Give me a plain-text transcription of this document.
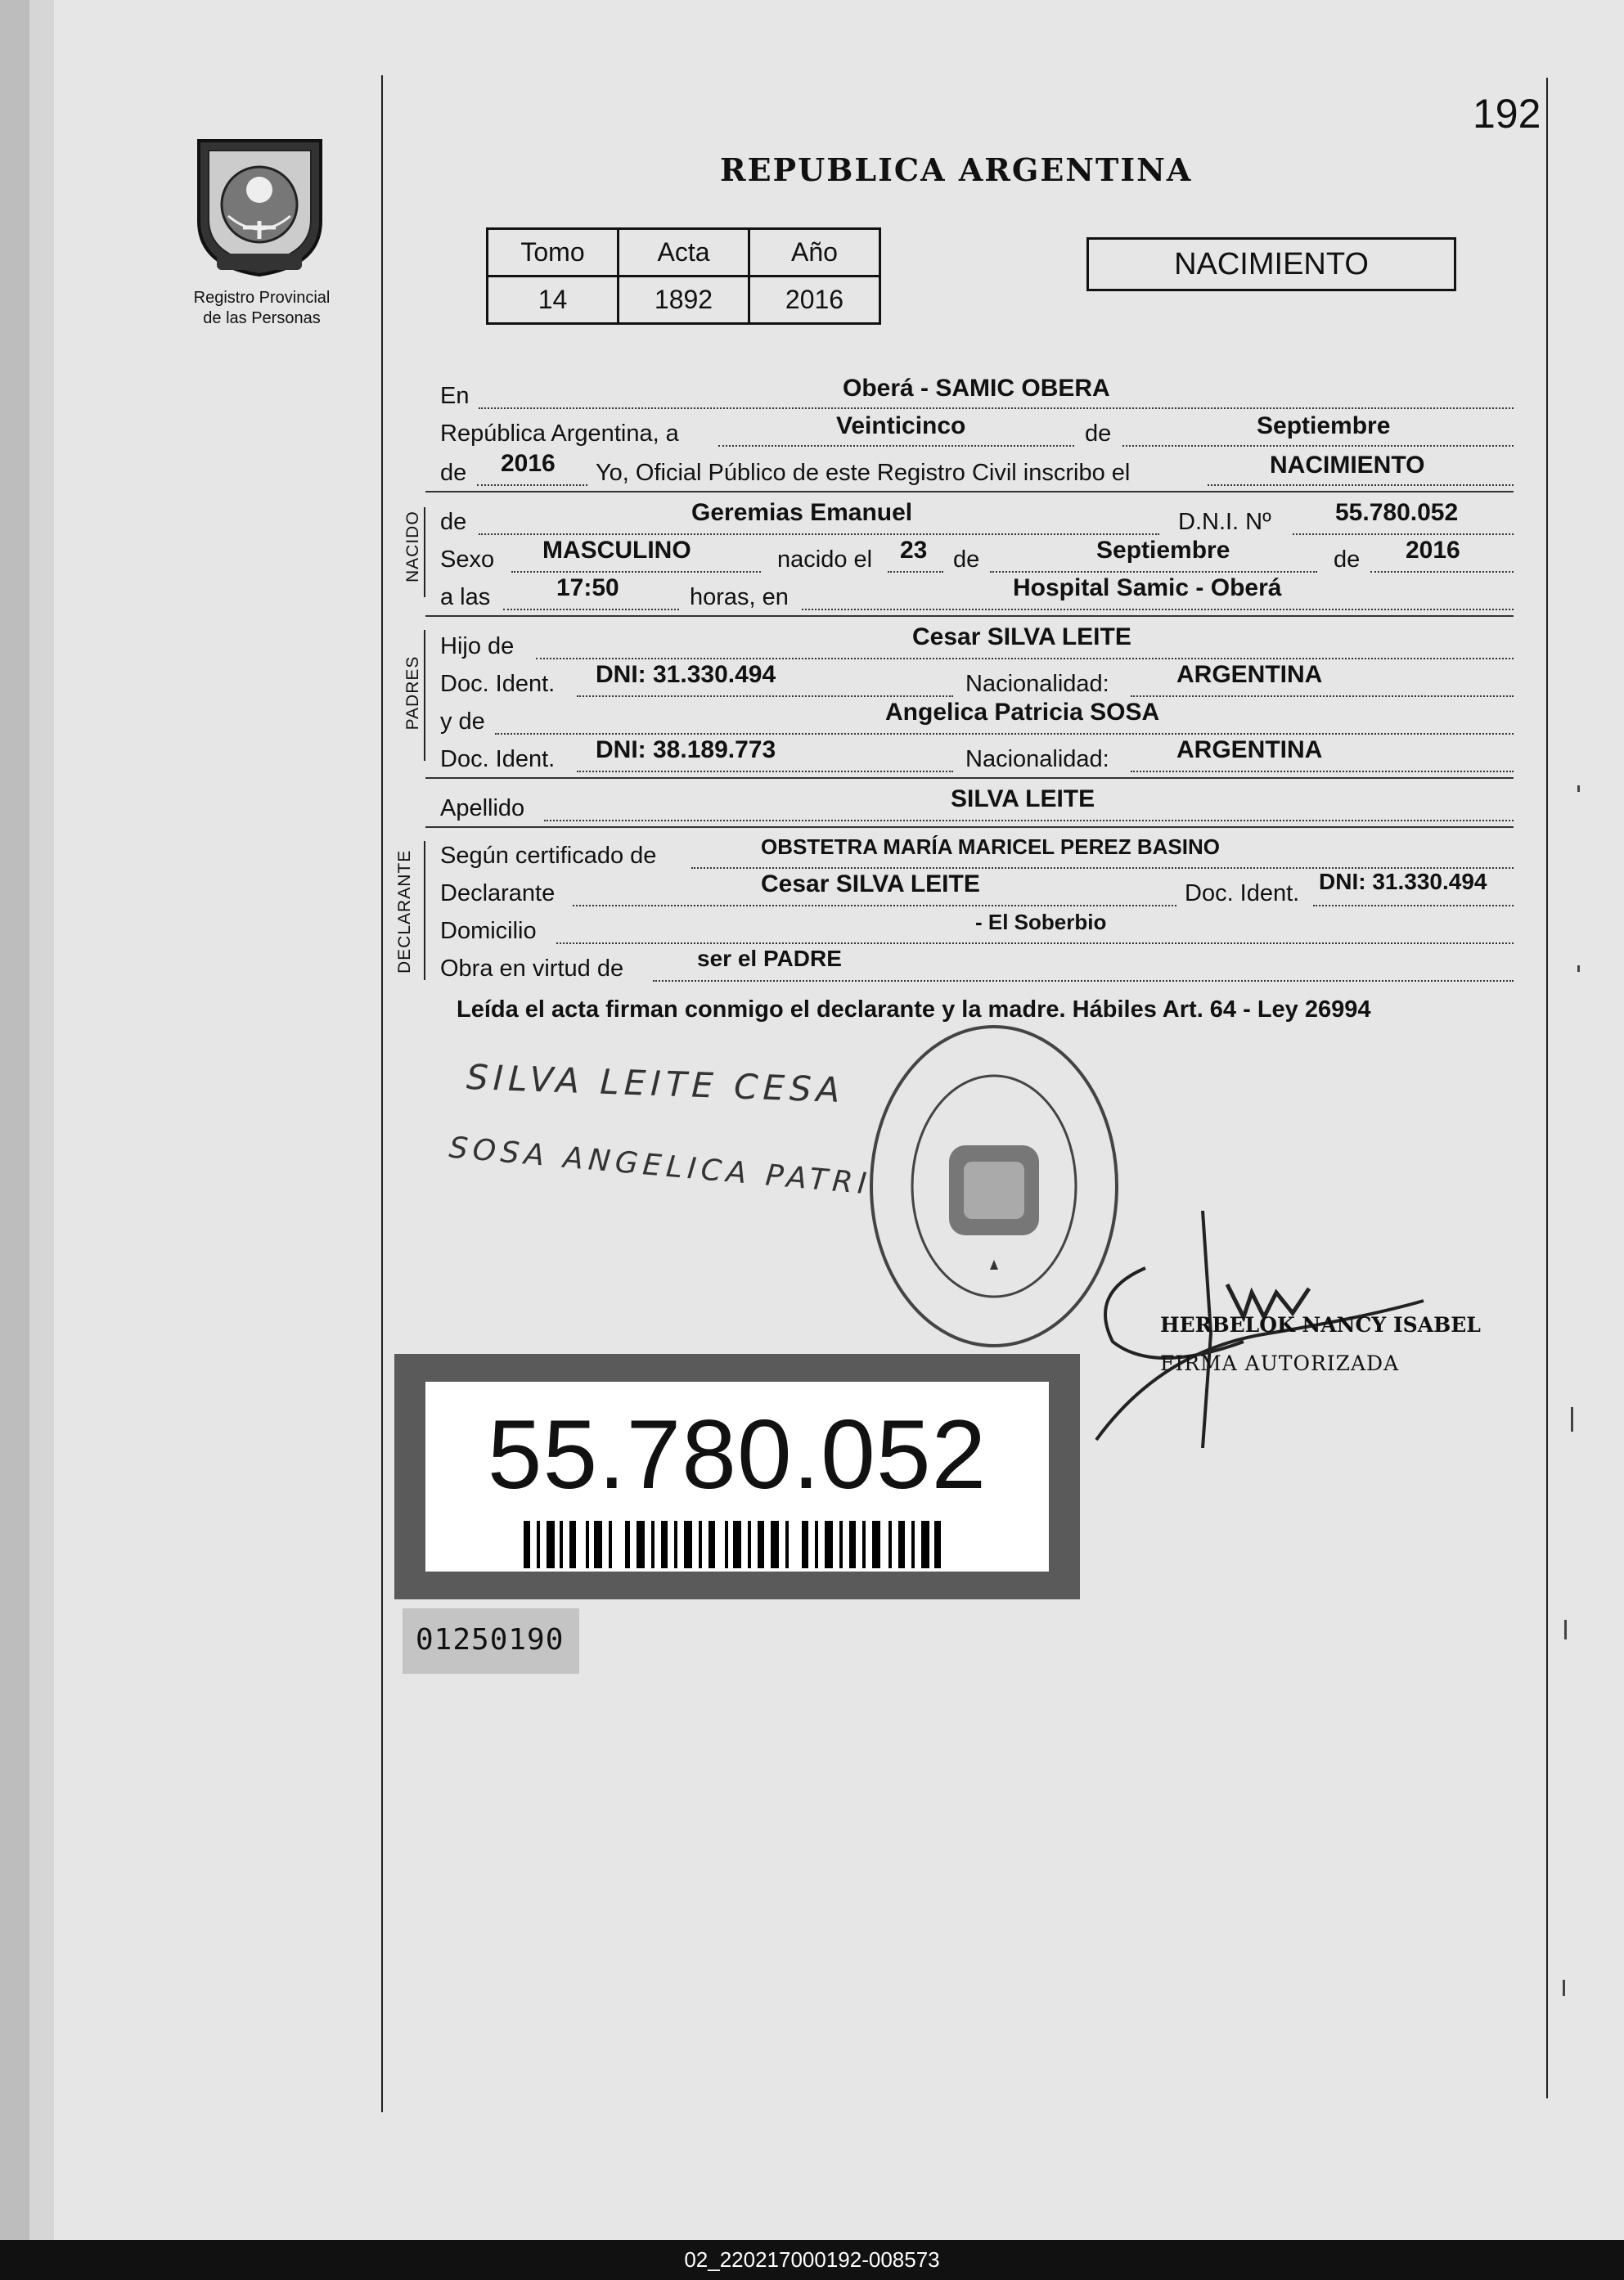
192
Registro Provincial
de las Personas
REPUBLICA ARGENTINA
Tomo	Acta	Año
14	1892	2016
NACIMIENTO
En	Oberá - SAMIC OBERA
República Argentina, a	Veinticinco	de	Septiembre
de 2016 Yo, Oficial Público de este Registro Civil inscribo el	NACIMIENTO
NACIDO de	Geremias Emanuel	D.N.I. Nº	55.780.052
Sexo MASCULINO	nacido el 23 de	Septiembre	de 2016
a las	17:50	horas, en	Hospital Samic - Oberá
PADRES
Hijo de	Cesar SILVA LEITE
Doc. Ident. DNI: 31.330.494	Nacionalidad:	ARGENTINA
y de	Angelica Patricia SOSA
Doc. Ident. DNI: 38.189.773	Nacionalidad:	ARGENTINA
Apellido	SILVA LEITE
DECLARANTE Según certificado de	OBSTETRA MARÍA MARICEL PEREZ BASINO
Declarante	Cesar SILVA LEITE	Doc. Ident. DNI: 31.330.494
Domicilio	- El Soberbio
Obra en virtud de	ser el PADRE
Leída el acta firman conmigo el declarante y la madre. Hábiles Art. 64 - Ley 26994
SILVA LEITE CESA
SOSA ANGELICA PATRI
HERBELOK NANCY ISABEL
FIRMA AUTORIZADA
55.780.052
01250190
02_220217000192-008573
